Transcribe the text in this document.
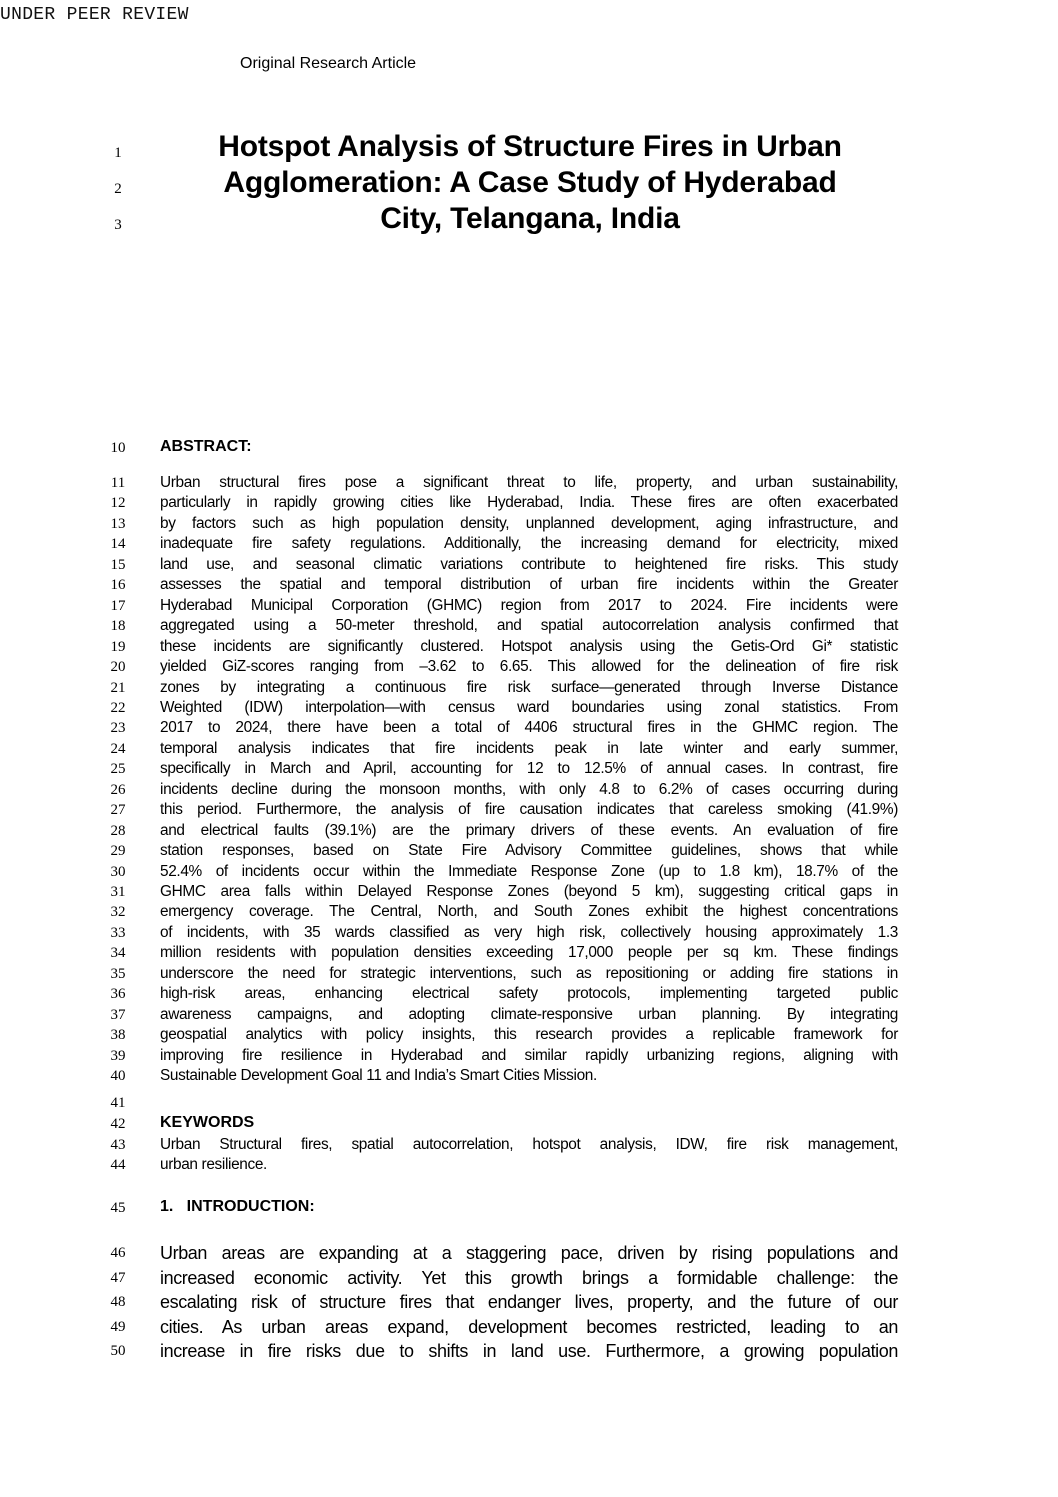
UNDER PEER REVIEW
Original Research Article
1	Hotspot Analysis of Structure Fires in Urban
2	Agglomeration: A Case Study of Hyderabad
3	City, Telangana, India
10	ABSTRACT:
11	Urban structural fires pose a significant threat to life, property, and urban sustainability,
12	particularly in rapidly growing cities like Hyderabad, India. These fires are often exacerbated
13	by factors such as high population density, unplanned development, aging infrastructure, and
14	inadequate fire safety regulations. Additionally, the increasing demand for electricity, mixed
15	land use, and seasonal climatic variations contribute to heightened fire risks. This study
16	assesses the spatial and temporal distribution of urban fire incidents within the Greater
17	Hyderabad Municipal Corporation (GHMC) region from 2017 to 2024. Fire incidents were
18	aggregated using a 50-meter threshold, and spatial autocorrelation analysis confirmed that
19	these incidents are significantly clustered. Hotspot analysis using the Getis-Ord Gi* statistic
20	yielded GiZ-scores ranging from –3.62 to 6.65. This allowed for the delineation of fire risk
21	zones by integrating a continuous fire risk surface—generated through Inverse Distance
22	Weighted (IDW) interpolation—with census ward boundaries using zonal statistics. From
23	2017 to 2024, there have been a total of 4406 structural fires in the GHMC region. The
24	temporal analysis indicates that fire incidents peak in late winter and early summer,
25	specifically in March and April, accounting for 12 to 12.5% of annual cases. In contrast, fire
26	incidents decline during the monsoon months, with only 4.8 to 6.2% of cases occurring during
27	this period. Furthermore, the analysis of fire causation indicates that careless smoking (41.9%)
28	and electrical faults (39.1%) are the primary drivers of these events. An evaluation of fire
29	station responses, based on State Fire Advisory Committee guidelines, shows that while
30	52.4% of incidents occur within the Immediate Response Zone (up to 1.8 km), 18.7% of the
31	GHMC area falls within Delayed Response Zones (beyond 5 km), suggesting critical gaps in
32	emergency coverage. The Central, North, and South Zones exhibit the highest concentrations
33	of incidents, with 35 wards classified as very high risk, collectively housing approximately 1.3
34	million residents with population densities exceeding 17,000 people per sq km. These findings
35	underscore the need for strategic interventions, such as repositioning or adding fire stations in
36	high-risk areas, enhancing electrical safety protocols, implementing targeted public
37	awareness campaigns, and adopting climate-responsive urban planning. By integrating
38	geospatial analytics with policy insights, this research provides a replicable framework for
39	improving fire resilience in Hyderabad and similar rapidly urbanizing regions, aligning with
40	Sustainable Development Goal 11 and India’s Smart Cities Mission.
41
42	KEYWORDS
43	Urban Structural fires, spatial autocorrelation, hotspot analysis, IDW, fire risk management,
44	urban resilience.
45	1.   INTRODUCTION:
46	Urban areas are expanding at a staggering pace, driven by rising populations and
47	increased economic activity. Yet this growth brings a formidable challenge: the
48	escalating risk of structure fires that endanger lives, property, and the future of our
49	cities. As urban areas expand, development becomes restricted, leading to an
50	increase in fire risks due to shifts in land use. Furthermore, a growing population
